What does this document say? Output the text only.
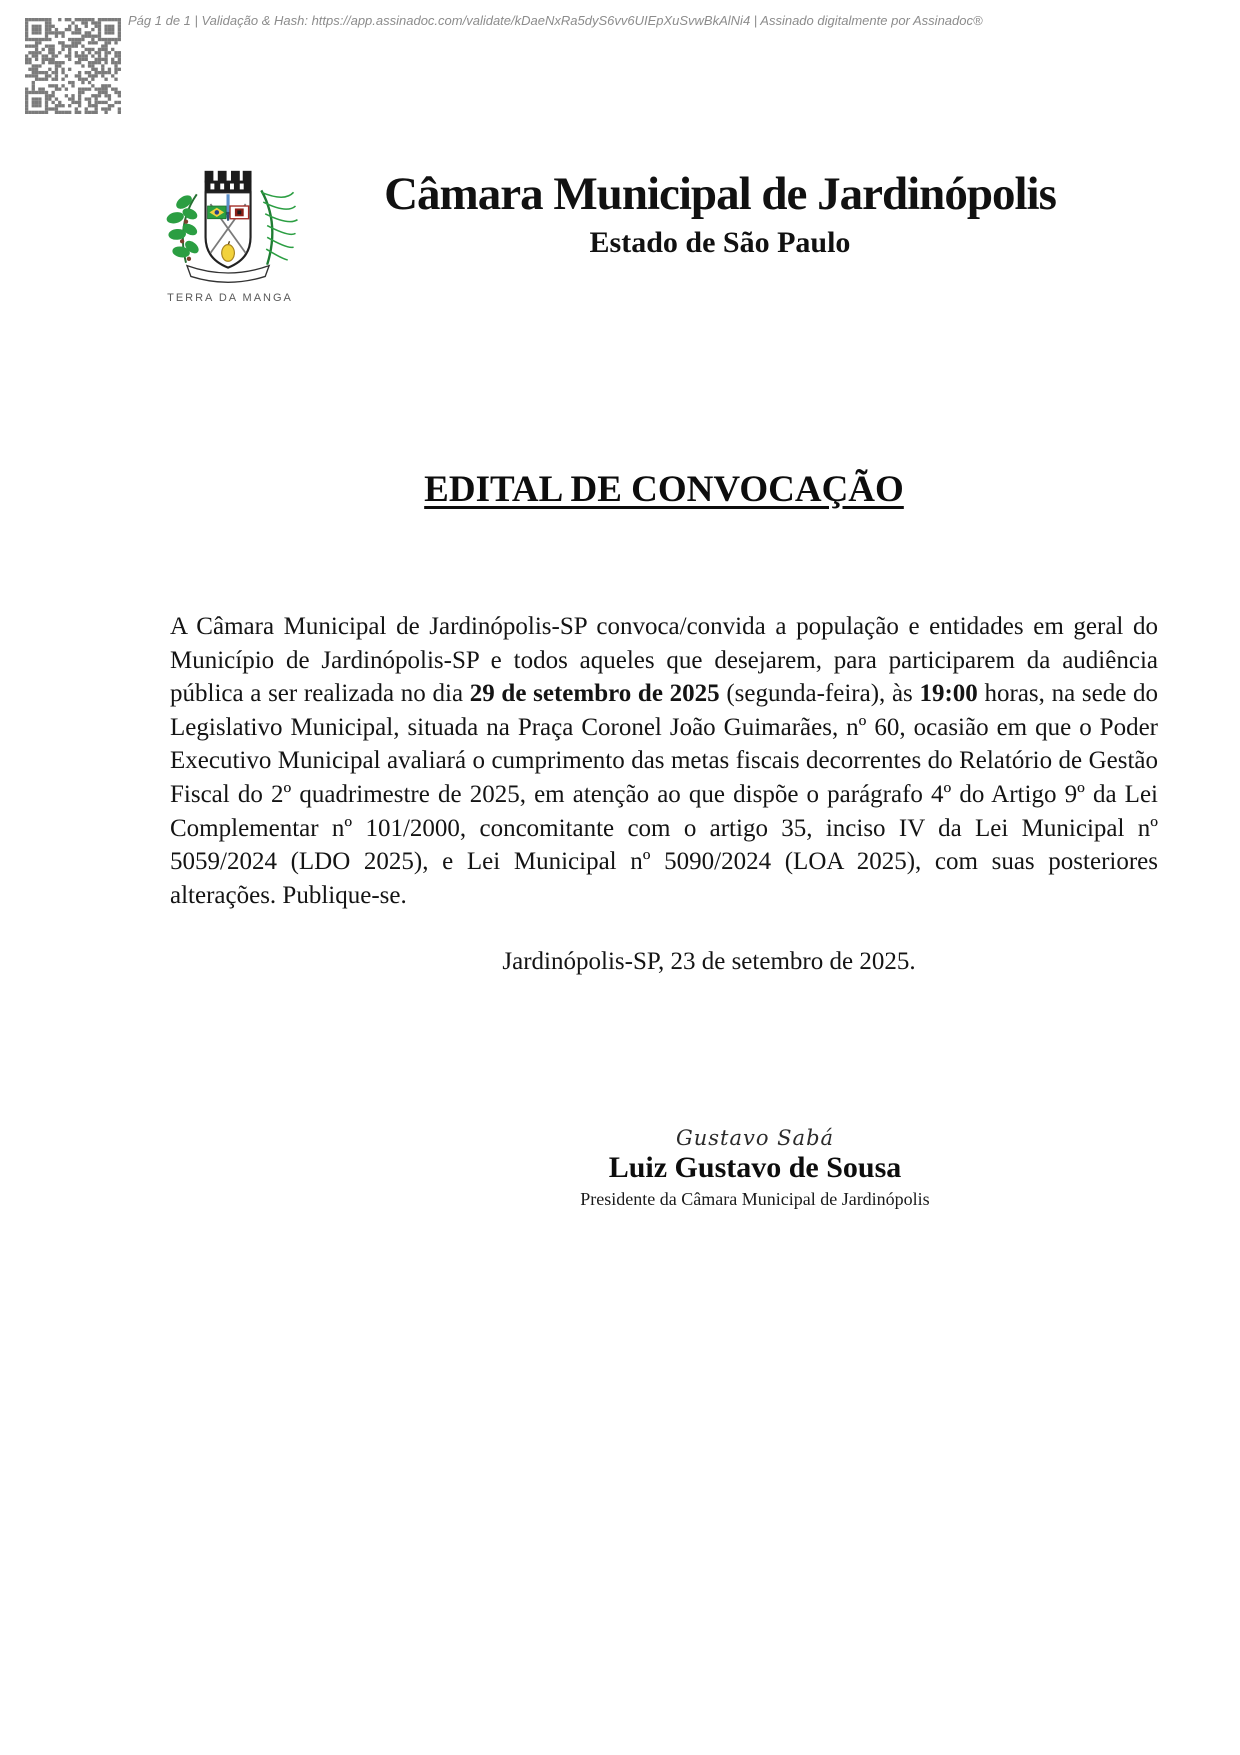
Pág 1 de 1 | Validação & Hash: https://app.assinadoc.com/validate/kDaeNxRa5dyS6vv6UIEpXuSvwBkAlNi4 | Assinado digitalmente por Assinadoc®
TERRA DA MANGA
Câmara Municipal de Jardinópolis
Estado de São Paulo
EDITAL DE CONVOCAÇÃO

A Câmara Municipal de Jardinópolis-SP convoca/convida a população e entidades em geral do Município de Jardinópolis-SP e todos aqueles que desejarem, para participarem da audiência pública a ser realizada no dia 29 de setembro de 2025 (segunda-feira), às 19:00 horas, na sede do Legislativo Municipal, situada na Praça Coronel João Guimarães, nº 60, ocasião em que o Poder Executivo Municipal avaliará o cumprimento das metas fiscais decorrentes do Relatório de Gestão Fiscal do 2º quadrimestre de 2025, em atenção ao que dispõe o parágrafo 4º do Artigo 9º da Lei Complementar nº 101/2000, concomitante com o artigo 35, inciso IV da Lei Municipal nº 5059/2024 (LDO 2025), e Lei Municipal nº 5090/2024 (LOA 2025), com suas posteriores alterações. Publique-se.

Jardinópolis-SP, 23 de setembro de 2025.
Gustavo Sabá
Luiz Gustavo de Sousa
Presidente da Câmara Municipal de Jardinópolis
